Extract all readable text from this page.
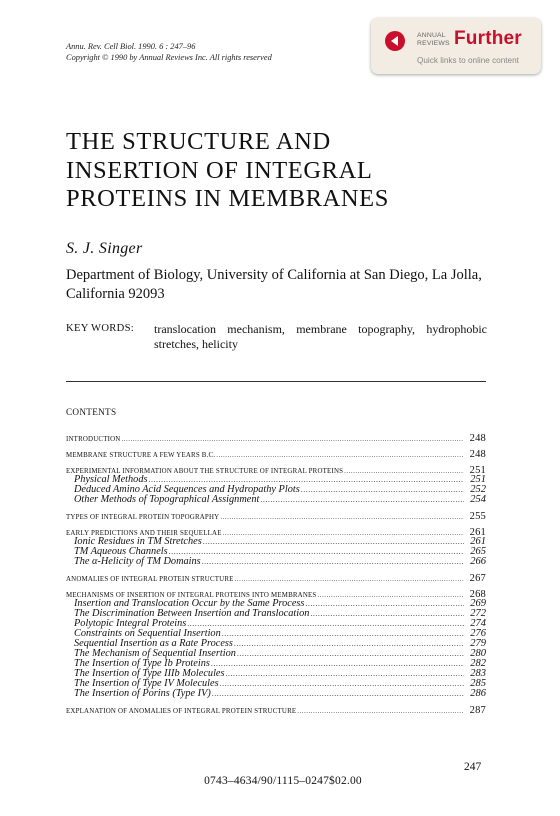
Annu. Rev. Cell Biol. 1990. 6 : 247–96
Copyright © 1990 by Annual Reviews Inc. All rights reserved
ANNUAL
REVIEWS Further
Quick links to online content
THE STRUCTURE AND
INSERTION OF INTEGRAL
PROTEINS IN MEMBRANES
S. J. Singer
Department of Biology, University of California at San Diego, La Jolla,
California 92093
KEY WORDS: translocation mechanism, membrane topography, hydrophobic stretches, helicity
CONTENTS
INTRODUCTION .....	248
MEMBRANE STRUCTURE A FEW YEARS B.C. .....	248
EXPERIMENTAL INFORMATION ABOUT THE STRUCTURE OF INTEGRAL PROTEINS .....	251
Physical Methods .....	251
Deduced Amino Acid Sequences and Hydropathy Plots .....	252
Other Methods of Topographical Assignment .....	254
TYPES OF INTEGRAL PROTEIN TOPOGRAPHY .....	255
EARLY PREDICTIONS AND THEIR SEQUELLAE .....	261
Ionic Residues in TM Stretches .....	261
TM Aqueous Channels .....	265
The α-Helicity of TM Domains .....	266
ANOMALIES OF INTEGRAL PROTEIN STRUCTURE .....	267
MECHANISMS OF INSERTION OF INTEGRAL PROTEINS INTO MEMBRANES .....	268
Insertion and Translocation Occur by the Same Process .....	269
The Discrimination Between Insertion and Translocation .....	272
Polytopic Integral Proteins .....	274
Constraints on Sequential Insertion .....	276
Sequential Insertion as a Rate Process .....	279
The Mechanism of Sequential Insertion .....	280
The Insertion of Type Ib Proteins .....	282
The Insertion of Type IIIb Molecules .....	283
The Insertion of Type IV Molecules .....	285
The Insertion of Porins (Type IV) .....	286
EXPLANATION OF ANOMALIES OF INTEGRAL PROTEIN STRUCTURE .....	287
247
0743–4634/90/1115–0247$02.00
